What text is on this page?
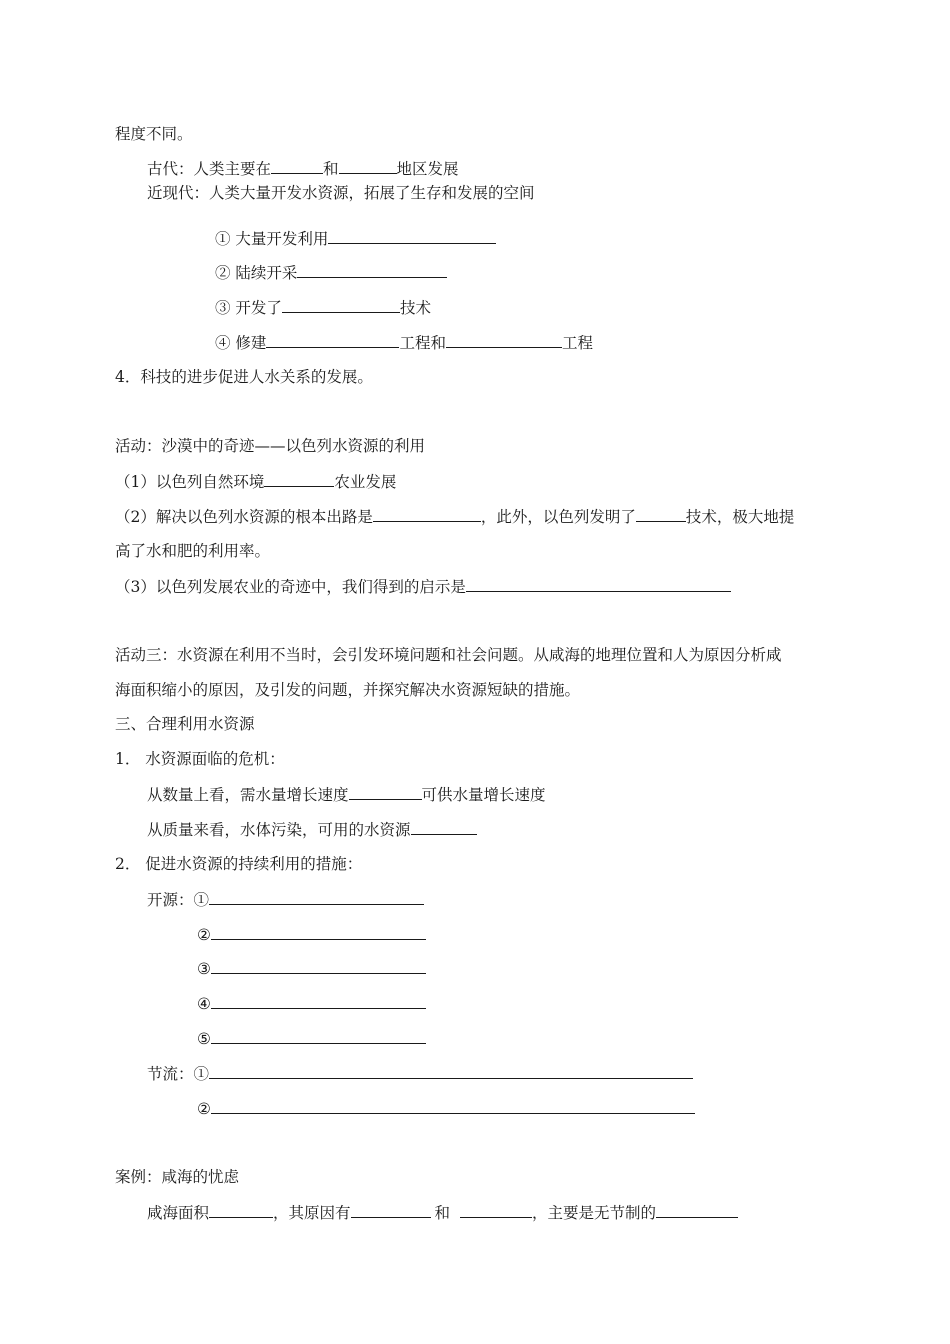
程度不同。
古代：人类主要在	和	地区发展
近现代：人类大量开发水资源，拓展了生存和发展的空间
① 大量开发利用
② 陆续开采
③ 开发了	技术
④ 修建	工程和	工程
4．科技的进步促进人水关系的发展。
活动：沙漠中的奇迹——以色列水资源的利用
（1）以色列自然环境	农业发展
（2）解决以色列水资源的根本出路是	，此外，以色列发明了	技术，极大地提
高了水和肥的利用率。
（3）以色列发展农业的奇迹中，我们得到的启示是
活动三：水资源在利用不当时，会引发环境问题和社会问题。从咸海的地理位置和人为原因分析咸
海面积缩小的原因，及引发的问题，并探究解决水资源短缺的措施。
三、合理利用水资源
1． 水资源面临的危机：
从数量上看，需水量增长速度	可供水量增长速度
从质量来看，水体污染，可用的水资源
2． 促进水资源的持续利用的措施：
开源：①
②
③
④
⑤
节流：①
②
案例：咸海的忧虑
咸海面积	，其原因有	和	，主要是无节制的
